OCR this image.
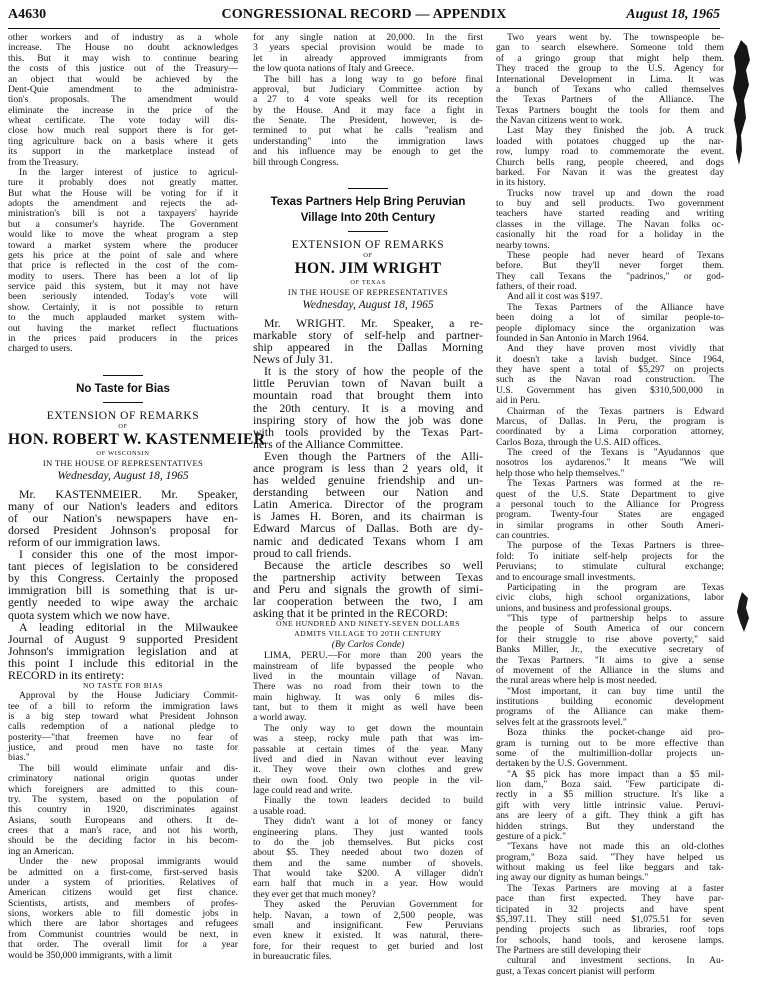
A4630	CONGRESSIONAL RECORD — APPENDIX	August 18, 1965
other workers and of industry as a whole
increase. The House no doubt acknowledges
this. But it may wish to continue bearing
the costs of this justice out of the Treasury—
an object that would be achieved by the
Dent-Quie amendment to the administra-
tion's proposals. The amendment would
eliminate the increase in the price of the
wheat certificate. The vote today will dis-
close how much real support there is for get-
ting agriculture back on a basis where it gets
its support in the marketplace instead of
from the Treasury.
In the larger interest of justice to agricul-
ture it probably does not greatly matter.
But what the House will be voting for if it
adopts the amendment and rejects the ad-
ministration's bill is not a taxpayers' hayride
but a consumer's hayride. The Government
would like to move the wheat program a step
toward a market system where the producer
gets his price at the point of sale and where
that price is reflected in the cost of the com-
modity to users. There has been a lot of lip
service paid this system, but it may not have
been seriously intended. Today's vote will
show. Certainly, it is not possible to return
to the much applauded market system with-
out having the market reflect fluctuations
in the prices paid producers in the prices
charged to users.
No Taste for Bias
EXTENSION OF REMARKS
OF
HON. ROBERT W. KASTENMEIER
OF WISCONSIN
IN THE HOUSE OF REPRESENTATIVES
Wednesday, August 18, 1965
Mr. KASTENMEIER. Mr. Speaker,
many of our Nation's leaders and editors
of our Nation's newspapers have en-
dorsed President Johnson's proposal for
reform of our immigration laws.
I consider this one of the most impor-
tant pieces of legislation to be considered
by this Congress. Certainly the proposed
immigration bill is something that is ur-
gently needed to wipe away the archaic
quota system which we now have.
A leading editorial in the Milwaukee
Journal of August 9 supported President
Johnson's immigration legislation and at
this point I include this editorial in the
RECORD in its entirety:
NO TASTE FOR BIAS
Approval by the House Judiciary Commit-
tee of a bill to reform the immigration laws
is a big step toward what President Johnson
calls redemption of a national pledge to
posterity—"that freemen have no fear of
justice, and proud men have no taste for
bias."
The bill would eliminate unfair and dis-
criminatory national origin quotas under
which foreigners are admitted to this coun-
try. The system, based on the population of
this country in 1920, discriminates against
Asians, south Europeans and others. It de-
crees that a man's race, and not his worth,
should be the deciding factor in his becom-
ing an American.
Under the new proposal immigrants would
be admitted on a first-come, first-served basis
under a system of priorities. Relatives of
American citizens would get first chance.
Scientists, artists, and members of profes-
sions, workers able to fill domestic jobs in
which there are labor shortages and refugees
from Communist countries would be next, in
that order. The overall limit for a year
would be 350,000 immigrants, with a limit
for any single nation at 20,000. In the first
3 years special provision would be made to
let in already approved immigrants from
the low quota nations of Italy and Greece.
The bill has a long way to go before final
approval, but Judiciary Committee action by
a 27 to 4 vote speaks well for its reception
by the House. And it may face a fight in
the Senate. The President, however, is de-
termined to put what he calls "realism and
understanding" into the immigration laws
and his influence may be enough to get the
bill through Congress.
Texas Partners Help Bring Peruvian
Village Into 20th Century
EXTENSION OF REMARKS
OF
HON. JIM WRIGHT
OF TEXAS
IN THE HOUSE OF REPRESENTATIVES
Wednesday, August 18, 1965
Mr. WRIGHT. Mr. Speaker, a re-
markable story of self-help and partner-
ship appeared in the Dallas Morning
News of July 31.
It is the story of how the people of the
little Peruvian town of Navan built a
mountain road that brought them into
the 20th century. It is a moving and
inspiring story of how the job was done
with tools provided by the Texas Part-
ners of the Alliance Committee.
Even though the Partners of the Alli-
ance program is less than 2 years old, it
has welded genuine friendship and un-
derstanding between our Nation and
Latin America. Director of the program
is James H. Boren, and its chairman is
Edward Marcus of Dallas. Both are dy-
namic and dedicated Texans whom I am
proud to call friends.
Because the article describes so well
the partnership activity between Texas
and Peru and signals the growth of simi-
lar cooperation between the two, I am
asking that it be printed in the RECORD:
ONE HUNDRED AND NINETY-SEVEN DOLLARS
ADMITS VILLAGE TO 20TH CENTURY
(By Carlos Conde)
LIMA, PERU.—For more than 200 years the
mainstream of life bypassed the people who
lived in the mountain village of Navan.
There was no road from their town to the
main highway. It was only 6 miles dis-
tant, but to them it might as well have been
a world away.
The only way to get down the mountain
was a steep, rocky mule path that was im-
passable at certain times of the year. Many
lived and died in Navan without ever leaving
it. They wove their own clothes and grew
their own food. Only two people in the vil-
lage could read and write.
Finally the town leaders decided to build
a usable road.
They didn't want a lot of money or fancy
engineering plans. They just wanted tools
to do the job themselves. But picks cost
about $5. They needed about two dozen of
them and the same number of shovels.
That would take $200. A villager didn't
earn half that much in a year. How would
they ever get that much money?
They asked the Peruvian Government for
help. Navan, a town of 2,500 people, was
small and insignificant. Few Peruvians
even knew it existed. It was natural, there-
fore, for their request to get buried and lost
in bureaucratic files.
Two years went by. The townspeople be-
gan to search elsewhere. Someone told them
of a gringo group that might help them.
They traced the group to the U.S. Agency for
International Development in Lima. It was
a bunch of Texans who called themselves
the Texas Partners of the Alliance. The
Texas Partners bought the tools for them and
the Navan citizens went to work.
Last May they finished the job. A truck
loaded with potatoes chugged up the nar-
row, lumpy road to commemorate the event.
Church bells rang, people cheered, and dogs
barked. For Navan it was the greatest day
in its history.
Trucks now travel up and down the road
to buy and sell products. Two government
teachers have started reading and writing
classes in the village. The Navan folks oc-
casionally hit the road for a holiday in the
nearby towns.
These people had never heard of Texans
before. But they'll never forget them.
They call Texans the "padrinos," or god-
fathers, of their road.
And all it cost was $197.
The Texas Partners of the Alliance have
been doing a lot of similar people-to-
people diplomacy since the organization was
founded in San Antonio in March 1964.
And they have proven most vividly that
it doesn't take a lavish budget. Since 1964,
they have spent a total of $5,297 on projects
such as the Navan road construction. The
U.S. Government has given $310,500,000 in
aid in Peru.
Chairman of the Texas partners is Edward
Marcus, of Dallas. In Peru, the program is
coordinated by a Lima corporation attorney,
Carlos Boza, through the U.S. AID offices.
The creed of the Texans is "Ayudannos que
nosotros los aydarenos." It means "We will
help those who help themselves."
The Texas Partners was formed at the re-
quest of the U.S. State Department to give
a personal touch to the Alliance for Progress
program. Twenty-four States are engaged
in similar programs in other South Ameri-
can countries.
The purpose of the Texas Partners is three-
fold: To initiate self-help projects for the
Peruvians; to stimulate cultural exchange;
and to encourage small investments.
Participating in the program are Texas
civic clubs, high school organizations, labor
unions, and business and professional groups.
"This type of partnership helps to assure
the people of South America of our concern
for their struggle to rise above poverty," said
Banks Miller, Jr., the executive secretary of
the Texas Partners. "It aims to give a sense
of movement of the Alliance in the slums and
the rural areas where help is most needed.
"Most important, it can buy time until the
institutions building economic development
programs of the Alliance can make them-
selves felt at the grassroots level."
Boza thinks the pocket-change aid pro-
gram is turning out to be more effective than
some of the multimillion-dollar projects un-
dertaken by the U.S. Government.
"A $5 pick has more impact than a $5 mil-
lion dam," Boza said. "Few participate di-
rectly in a $5 million structure. It's like a
gift with very little intrinsic value. Peruvi-
ans are leery of a gift. They think a gift has
hidden strings. But they understand the
gesture of a pick."
"Texans have not made this an old-clothes
program," Boza said. "They have helped us
without making us feel like beggars and tak-
ing away our dignity as human beings."
The Texas Partners are moving at a faster
pace than first expected. They have par-
ticipated in 32 projects and have spent
$5,397.11. They still need $1,075.51 for seven
pending projects such as libraries, roof tops
for schools, hand tools, and kerosene lamps.
The Partners are still developing their
cultural and investment sections. In Au-
gust, a Texas concert pianist will perform
